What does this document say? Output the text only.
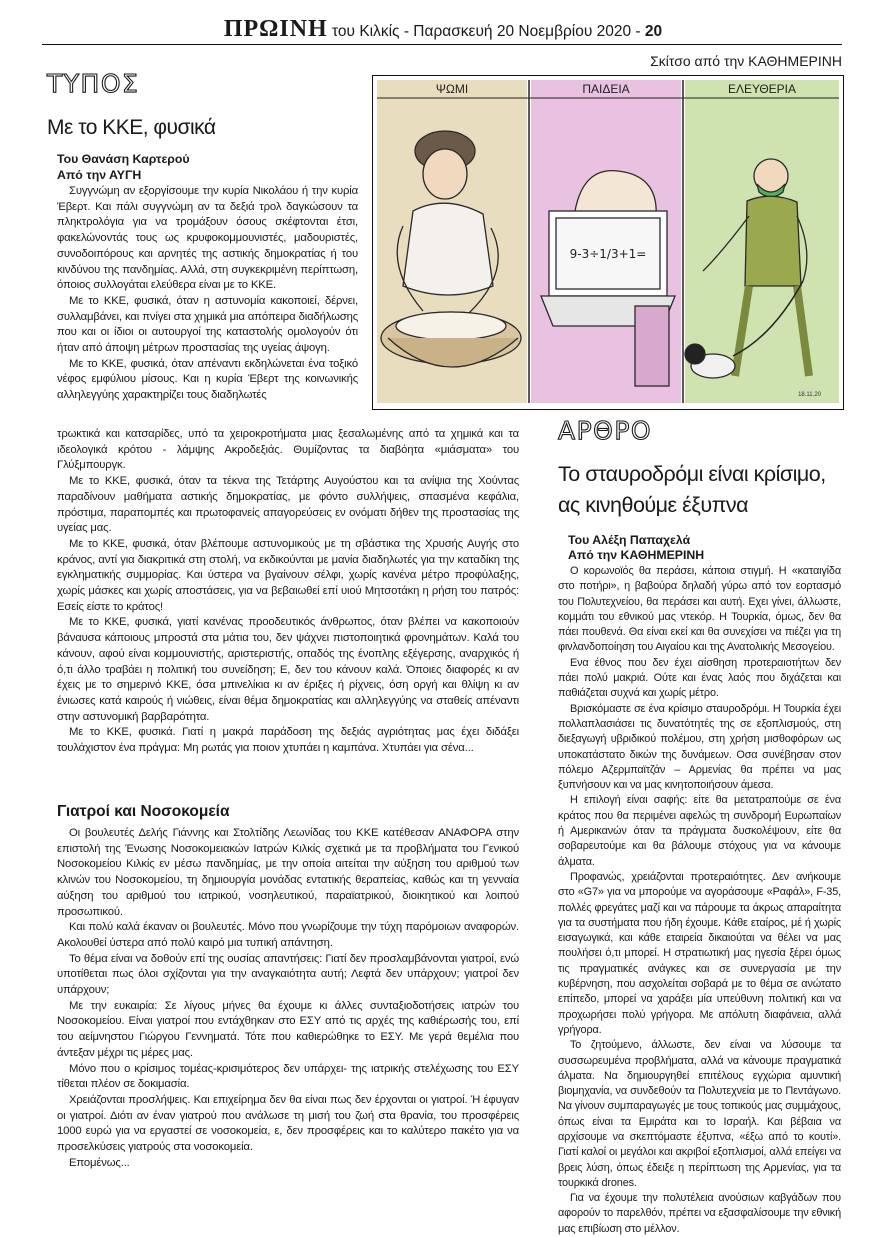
ΠΡΩΙΝΗ του Κιλκίς - Παρασκευή 20 Νοεμβρίου 2020 - 20
Σκίτσο από την ΚΑΘΗΜΕΡΙΝΗ
ΤΥΠΟΣ
Με το ΚΚΕ, φυσικά
Του Θανάση Καρτερού
Από την ΑΥΓΗ

Συγγνώμη αν εξοργίσουμε την κυρία Νικολάου ή την κυρία Έβερτ. Και πάλι συγγνώμη αν τα δεξιά τρολ δαγκώσουν τα πληκτρολόγια για να τρομάξουν όσους σκέφτονται έτσι, φακελώνοντάς τους ως κρυφοκομμουνιστές, μαδουριστές, συνοδοιπόρους και αρνητές της αστικής δημοκρατίας ή του κινδύνου της πανδημίας. Αλλά, στη συγκεκριμένη περίπτωση, όποιος συλλογάται ελεύθερα είναι με το ΚΚΕ.

Με το ΚΚΕ, φυσικά, όταν η αστυνομία κακοποιεί, δέρνει, συλλαμβάνει, και πνίγει στα χημικά μια απόπειρα διαδήλωσης που και οι ίδιοι οι αυτουργοί της καταστολής ομολογούν ότι ήταν από άποψη μέτρων προστασίας της υγείας άψογη.

Με το ΚΚΕ, φυσικά, όταν απέναντι εκδηλώνεται ένα τοξικό νέφος εμφύλιου μίσους. Και η κυρία Έβερτ της κοινωνικής αλληλεγγύης χαρακτηρίζει τους διαδηλωτές

τρωκτικά και κατσαρίδες, υπό τα χειροκροτήματα μιας ξεσαλωμένης από τα χημικά και τα ιδεολογικά κρότου - λάμψης Ακροδεξιάς. Θυμίζοντας τα διαβόητα «μιάσματα» του Γλύξμπουργκ.

Με το ΚΚΕ, φυσικά, όταν τα τέκνα της Τετάρτης Αυγούστου και τα ανίψια της Χούντας παραδίνουν μαθήματα αστικής δημοκρατίας, με φόντο συλλήψεις, σπασμένα κεφάλια, πρόστιμα, παραπομπές και πρωτοφανείς απαγορεύσεις εν ονόματι δήθεν της προστασίας της υγείας μας.

Με το ΚΚΕ, φυσικά, όταν βλέπουμε αστυνομικούς με τη σβάστικα της Χρυσής Αυγής στο κράνος, αντί για διακριτικά στη στολή, να εκδικούνται με μανία διαδηλωτές για την καταδίκη της εγκληματικής συμμορίας. Και ύστερα να βγαίνουν σέλφι, χωρίς κανένα μέτρο προφύλαξης, χωρίς μάσκες και χωρίς αποστάσεις, για να βεβαιωθεί επί υιού Μητσοτάκη η ρήση του πατρός: Εσείς είστε το κράτος!

Με το ΚΚΕ, φυσικά, γιατί κανένας προοδευτικός άνθρωπος, όταν βλέπει να κακοποιούν βάναυσα κάποιους μπροστά στα μάτια του, δεν ψάχνει πιστοποιητικά φρονημάτων. Καλά του κάνουν, αφού είναι κομμουνιστής, αριστεριστής, οπαδός της ένοπλης εξέγερσης, αναρχικός ή ό,τι άλλο τραβάει η πολιτική του συνείδηση; Ε, δεν του κάνουν καλά. Όποιες διαφορές κι αν έχεις με το σημερινό ΚΚΕ, όσα μπινελίκια κι αν έριξες ή ρίχνεις, όση οργή και θλίψη κι αν ένιωσες κατά καιρούς ή νιώθεις, είναι θέμα δημοκρατίας και αλληλεγγύης να σταθείς απέναντι στην αστυνομική βαρβαρότητα.

Με το ΚΚΕ, φυσικά. Γιατί η μακρά παράδοση της δεξιάς αγριότητας μας έχει διδάξει τουλάχιστον ένα πράγμα: Μη ρωτάς για ποιον χτυπάει η καμπάνα. Χτυπάει για σένα...

Γιατροί και Νοσοκομεία

Οι βουλευτές Δελής Γιάννης και Στολτίδης Λεωνίδας του ΚΚΕ κατέθεσαν ΑΝΑΦΟΡΑ στην επιστολή της Ένωσης Νοσοκομειακών Ιατρών Κιλκίς σχετικά με τα προβλήματα του Γενικού Νοσοκομείου Κιλκίς εν μέσω πανδημίας, με την οποία αιτείται την αύξηση του αριθμού των κλινών του Νοσοκομείου, τη δημιουργία μονάδας εντατικής θεραπείας, καθώς και τη γενναία αύξηση του αριθμού του ιατρικού, νοσηλευτικού, παραϊατρικού, διοικητικού και λοιπού προσωπικού.

Και πολύ καλά έκαναν οι βουλευτές. Μόνο που γνωρίζουμε την τύχη παρόμοιων αναφορών. Ακολουθεί ύστερα από πολύ καιρό μια τυπική απάντηση.

Το θέμα είναι να δοθούν επί της ουσίας απαντήσεις: Γιατί δεν προσλαμβάνονται γιατροί, ενώ υποτίθεται πως όλοι σχίζονται για την αναγκαιότητα αυτή; Λεφτά δεν υπάρχουν; γιατροί δεν υπάρχουν;

Με την ευκαιρία: Σε λίγους μήνες θα έχουμε κι άλλες συνταξιοδοτήσεις ιατρών του Νοσοκομείου. Είναι γιατροί που εντάχθηκαν στο ΕΣΥ από τις αρχές της καθιέρωσής του, επί του αείμνηστου Γιώργου Γεννηματά. Τότε που καθιερώθηκε το ΕΣΥ. Με γερά θεμέλια που άντεξαν μέχρι τις μέρες μας.

Μόνο που ο κρίσιμος τομέας-κρισιμότερος δεν υπάρχει- της ιατρικής στελέχωσης του ΕΣΥ τίθεται πλέον σε δοκιμασία.

Χρειάζονται προσλήψεις. Και επιχείρημα δεν θα είναι πως δεν έρχονται οι γιατροί. Ή έφυγαν οι γιατροί. Διότι αν έναν γιατρού που ανάλωσε τη μισή του ζωή στα θρανία, του προσφέρεις 1000 ευρώ για να εργαστεί σε νοσοκομεία, ε, δεν προσφέρεις και το καλύτερο πακέτο για να προσελκύσεις γιατρούς στα νοσοκομεία.

Επομένως...

ΨΩΜΙ	ΠΑΙΔΕΙΑ	ΕΛΕΥΘΕΡΙΑ
9-3÷1/3+1=
18.11.20
ΑΡΘΡΟ
Το σταυροδρόμι είναι κρίσιμο,
ας κινηθούμε έξυπνα
Του Αλέξη Παπαχελά
Από την ΚΑΘΗΜΕΡΙΝΗ

Ο κορωνοϊός θα περάσει, κάποια στιγμή. Η «καταιγίδα στο ποτήρι», η βαβούρα δηλαδή γύρω από τον εορτασμό του Πολυτεχνείου, θα περάσει και αυτή. Εχει γίνει, άλλωστε, κομμάτι του εθνικού μας ντεκόρ. Η Τουρκία, όμως, δεν θα πάει πουθενά. Θα είναι εκεί και θα συνεχίσει να πιέζει για τη φινλανδοποίηση του Αιγαίου και της Ανατολικής Μεσογείου.

Ενα έθνος που δεν έχει αίσθηση προτεραιοτήτων δεν πάει πολύ μακριά. Ούτε και ένας λαός που διχάζεται και παθιάζεται συχνά και χωρίς μέτρο.

Βρισκόμαστε σε ένα κρίσιμο σταυροδρόμι. Η Τουρκία έχει πολλαπλασιάσει τις δυνατότητές της σε εξοπλισμούς, στη διεξαγωγή υβριδικού πολέμου, στη χρήση μισθοφόρων ως υποκατάστατο δικών της δυνάμεων. Οσα συνέβησαν στον πόλεμο Αζερμπαϊτζάν – Αρμενίας θα πρέπει να μας ξυπνήσουν και να μας κινητοποιήσουν άμεσα.

Η επιλογή είναι σαφής: είτε θα μετατραπούμε σε ένα κράτος που θα περιμένει αφελώς τη συνδρομή Ευρωπαίων ή Αμερικανών όταν τα πράγματα δυσκολέψουν, είτε θα σοβαρευτούμε και θα βάλουμε στόχους για να κάνουμε άλματα.

Προφανώς, χρειάζονται προτεραιότητες. Δεν ανήκουμε στο «G7» για να μπορούμε να αγοράσουμε «Ραφάλ», F-35, πολλές φρεγάτες μαζί και να πάρουμε τα άκρως απαραίτητα για τα συστήματα που ήδη έχουμε. Κάθε εταίρος, μέ ή χωρίς εισαγωγικά, και κάθε εταιρεία δικαιούται να θέλει να μας πουλήσει ό,τι μπορεί. Η στρατιωτική μας ηγεσία ξέρει όμως τις πραγματικές ανάγκες και σε συνεργασία με την κυβέρνηση, που ασχολείται σοβαρά με το θέμα σε ανώτατο επίπεδο, μπορεί να χαράξει μία υπεύθυνη πολιτική και να προχωρήσει πολύ γρήγορα. Με απόλυτη διαφάνεια, αλλά γρήγορα.

Το ζητούμενο, άλλωστε, δεν είναι να λύσουμε τα συσσωρευμένα προβλήματα, αλλά να κάνουμε πραγματικά άλματα. Να δημιουργηθεί επιτέλους εγχώρια αμυντική βιομηχανία, να συνδεθούν τα Πολυτεχνεία με το Πεντάγωνο. Να γίνουν συμπαραγωγές με τους τοπικούς μας συμμάχους, όπως είναι τα Εμιράτα και το Ισραήλ. Και βέβαια να αρχίσουμε να σκεπτόμαστε έξυπνα, «έξω από το κουτί». Γιατί καλοί οι μεγάλοι και ακριβοί εξοπλισμοί, αλλά επείγει να βρεις λύση, όπως έδειξε η περίπτωση της Αρμενίας, για τα τουρκικά drones.

Για να έχουμε την πολυτέλεια ανούσιων καβγάδων που αφορούν το παρελθόν, πρέπει να εξασφαλίσουμε την εθνική μας επιβίωση στο μέλλον.
